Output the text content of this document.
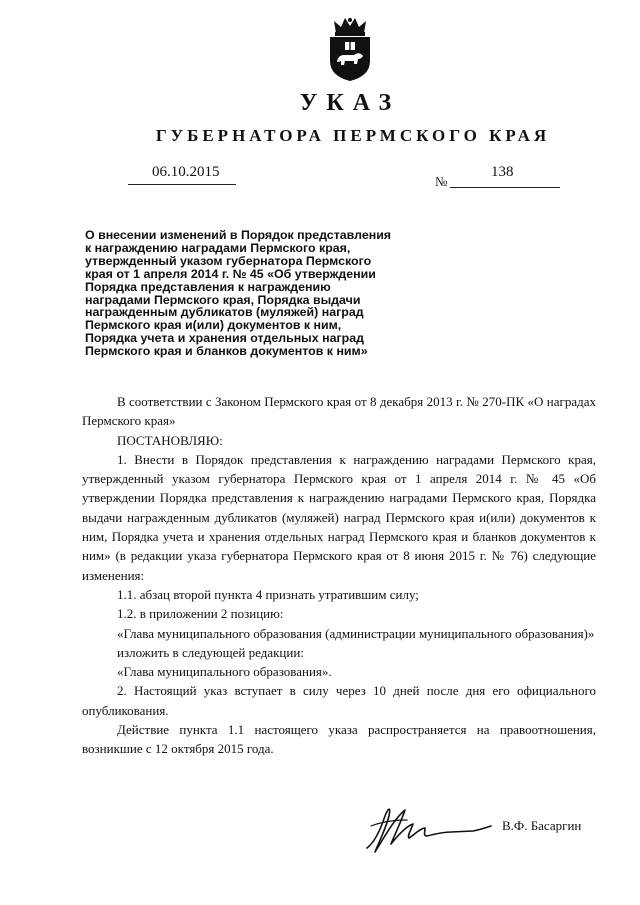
УКАЗ
ГУБЕРНАТОРА ПЕРМСКОГО КРАЯ
06.10.2015
№
138
О внесении изменений в Порядок представления
к награждению наградами Пермского края,
утвержденный указом губернатора Пермского
края от 1 апреля 2014 г. № 45 «Об утверждении
Порядка представления к награждению
наградами Пермского края, Порядка выдачи
награжденным дубликатов (муляжей) наград
Пермского края и(или) документов к ним,
Порядка учета и хранения отдельных наград
Пермского края и бланков документов к ним»

В соответствии с Законом Пермского края от 8 декабря 2013 г. № 270-ПК «О наградах Пермского края»

ПОСТАНОВЛЯЮ:

1. Внести в Порядок представления к награждению наградами Пермского края, утвержденный указом губернатора Пермского края от 1 апреля 2014 г. № 45 «Об утверждении Порядка представления к награждению наградами Пермского края, Порядка выдачи награжденным дубликатов (муляжей) наград Пермского края и(или) документов к ним, Порядка учета и хранения отдельных наград Пермского края и бланков документов к ним» (в редакции указа губернатора Пермского края от 8 июня 2015 г. № 76) следующие изменения:

1.1. абзац второй пункта 4 признать утратившим силу;

1.2. в приложении 2 позицию:

«Глава муниципального образования (администрации муниципального образования)»

изложить в следующей редакции:

«Глава муниципального образования».

2. Настоящий указ вступает в силу через 10 дней после дня его официального опубликования.

Действие пункта 1.1 настоящего указа распространяется на правоотношения, возникшие с 12 октября 2015 года.

В.Ф. Басаргин
